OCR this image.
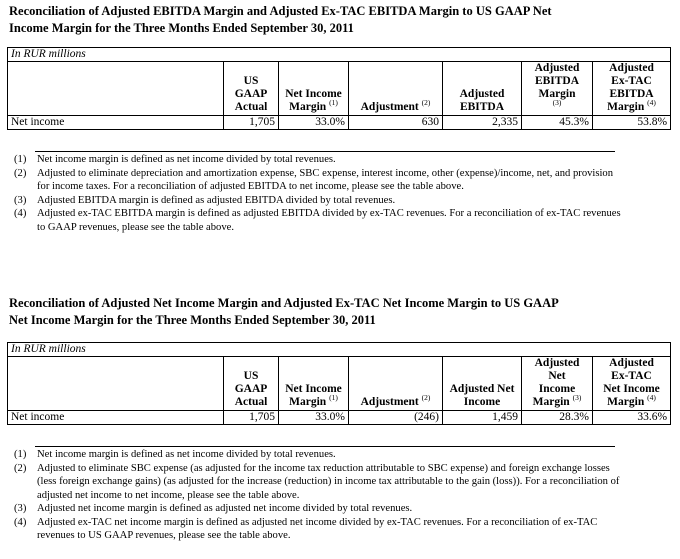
Reconciliation of Adjusted EBITDA Margin and Adjusted Ex-TAC EBITDA Margin to US GAAP Net
Income Margin for the Three Months Ended September 30, 2011
In RUR millions						
	US
GAAP
Actual	Net Income
Margin $^{(1)}$	Adjustment $^{(2)}$	Adjusted
EBITDA	Adjusted
EBITDA
Margin
$^{(3)}$	Adjusted
Ex-TAC
EBITDA
Margin $^{(4)}$
Net income	1,705	33.0%	630	2,335	45.3%	53.8%
(1)	Net income margin is defined as net income divided by total revenues.
(2)	Adjusted to eliminate depreciation and amortization expense, SBC expense, interest income, other (expense)/income, net, and provision for income taxes. For a reconciliation of adjusted EBITDA to net income, please see the table above.
(3)	Adjusted EBITDA margin is defined as adjusted EBITDA divided by total revenues.
(4)	Adjusted ex-TAC EBITDA margin is defined as adjusted EBITDA divided by ex-TAC revenues. For a reconciliation of ex-TAC revenues to GAAP revenues, please see the table above.
Reconciliation of Adjusted Net Income Margin and Adjusted Ex-TAC Net Income Margin to US GAAP
Net Income Margin for the Three Months Ended September 30, 2011
In RUR millions						
	US
GAAP
Actual	Net Income
Margin $^{(1)}$	Adjustment $^{(2)}$	Adjusted Net
Income	Adjusted
Net
Income
Margin $^{(3)}$	Adjusted
Ex-TAC
Net Income
Margin $^{(4)}$
Net income	1,705	33.0%	(246)	1,459	28.3%	33.6%
(1)	Net income margin is defined as net income divided by total revenues.
(2)	Adjusted to eliminate SBC expense (as adjusted for the income tax reduction attributable to SBC expense) and foreign exchange losses (less foreign exchange gains) (as adjusted for the increase (reduction) in income tax attributable to the gain (loss)). For a reconciliation of adjusted net income to net income, please see the table above.
(3)	Adjusted net income margin is defined as adjusted net income divided by total revenues.
(4)	Adjusted ex-TAC net income margin is defined as adjusted net income divided by ex-TAC revenues. For a reconciliation of ex-TAC revenues to US GAAP revenues, please see the table above.
